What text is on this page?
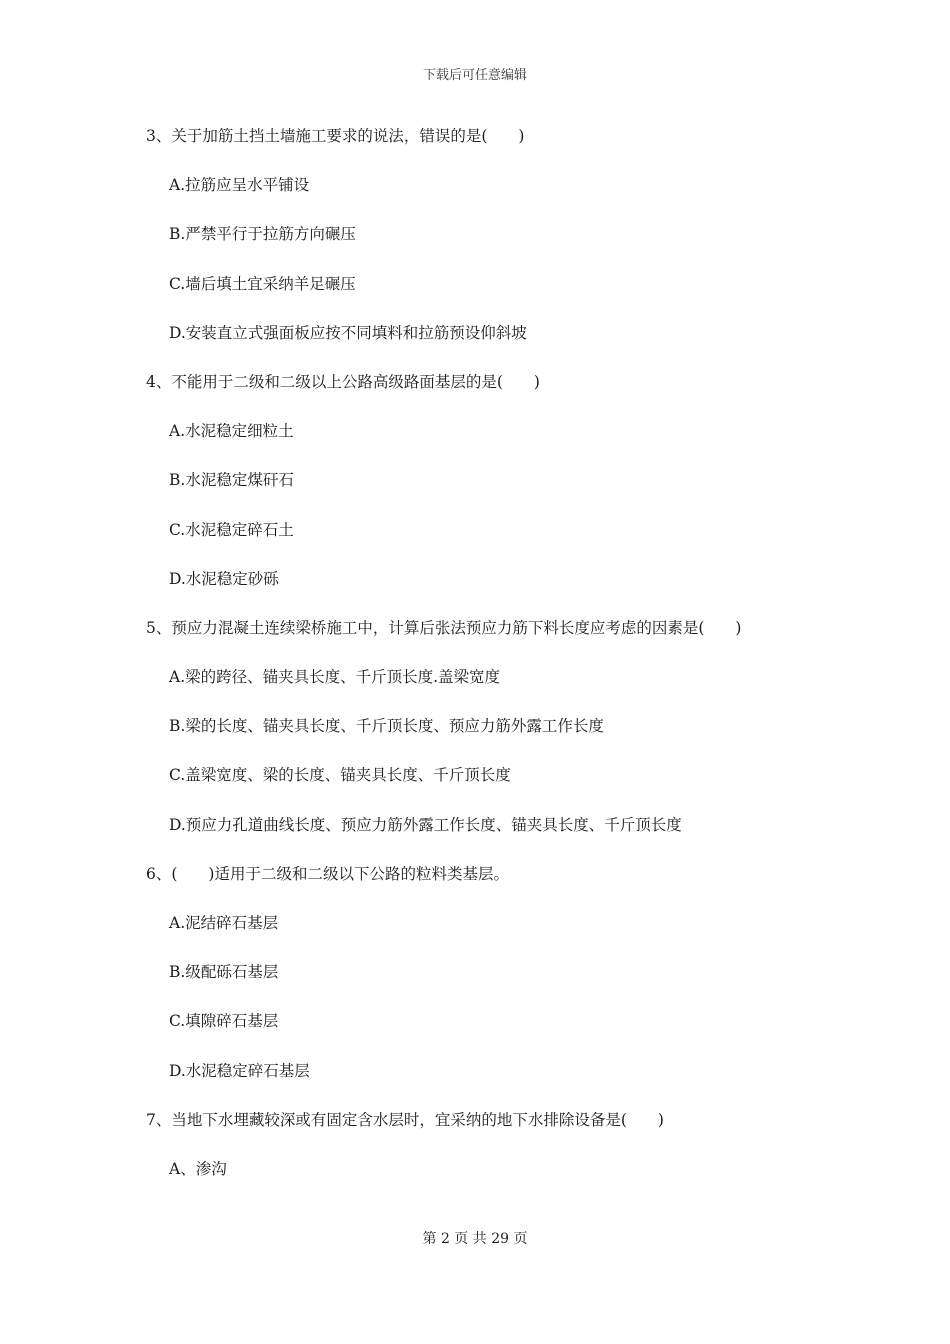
下载后可任意编辑
3、关于加筋土挡土墙施工要求的说法，错误的是(　　)
A.拉筋应呈水平铺设
B.严禁平行于拉筋方向碾压
C.墙后填土宜采纳羊足碾压
D.安装直立式强面板应按不同填料和拉筋预设仰斜坡
4、不能用于二级和二级以上公路高级路面基层的是(　　)
A.水泥稳定细粒土
B.水泥稳定煤矸石
C.水泥稳定碎石土
D.水泥稳定砂砾
5、预应力混凝土连续梁桥施工中，计算后张法预应力筋下料长度应考虑的因素是(　　)
A.梁的跨径、锚夹具长度、千斤顶长度.盖梁宽度
B.梁的长度、锚夹具长度、千斤顶长度、预应力筋外露工作长度
C.盖梁宽度、梁的长度、锚夹具长度、千斤顶长度
D.预应力孔道曲线长度、预应力筋外露工作长度、锚夹具长度、千斤顶长度
6、(　　)适用于二级和二级以下公路的粒料类基层。
A.泥结碎石基层
B.级配砾石基层
C.填隙碎石基层
D.水泥稳定碎石基层
7、当地下水埋藏较深或有固定含水层时，宜采纳的地下水排除设备是(　　)
A、渗沟
第 2 页 共 29 页
